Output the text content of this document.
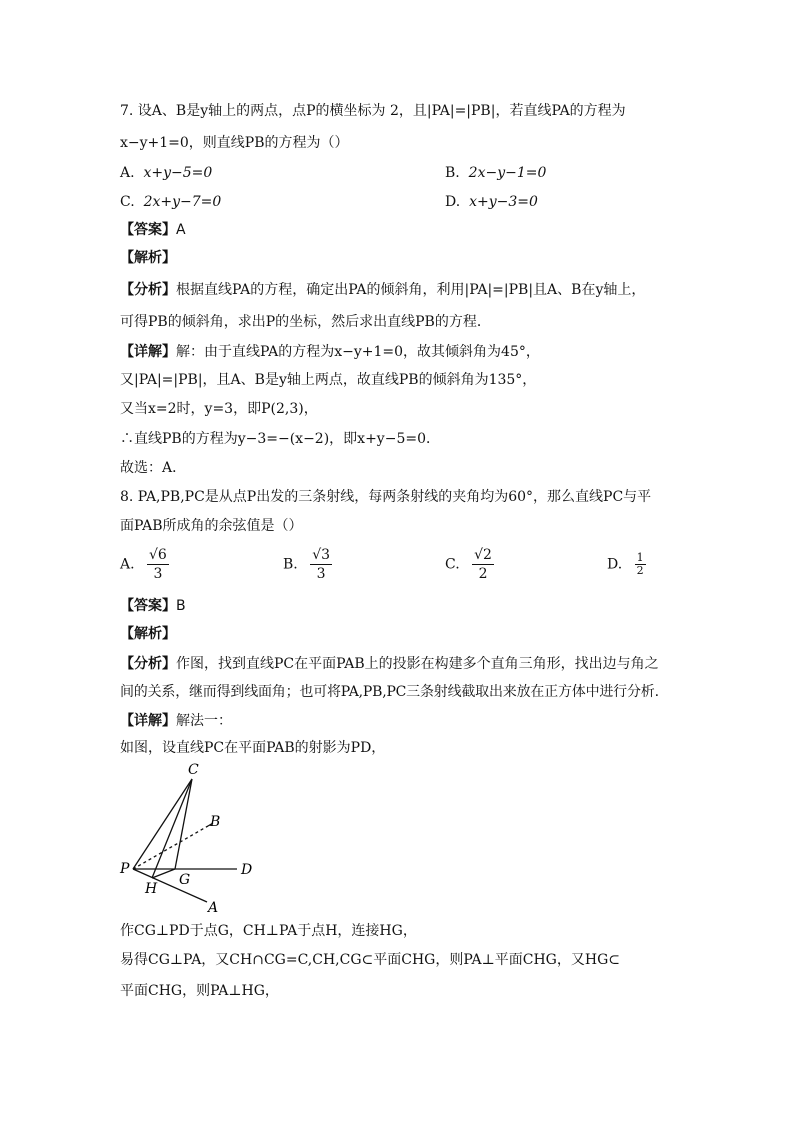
7. 设A、B是y轴上的两点，点P的横坐标为 2，且|PA|=|PB|，若直线PA的方程为
x−y+1=0，则直线PB的方程为（）
A. x+y−5=0	B. 2x−y−1=0
C. 2x+y−7=0	D. x+y−3=0
【答案】A
【解析】
【分析】根据直线PA的方程，确定出PA的倾斜角，利用|PA|=|PB|且A、B在y轴上，
可得PB的倾斜角，求出P的坐标，然后求出直线PB的方程．
【详解】解：由于直线PA的方程为x−y+1=0，故其倾斜角为45°，
又|PA|=|PB|，且A、B是y轴上两点，故直线PB的倾斜角为135°，
又当x=2时，y=3，即P(2,3)，
∴直线PB的方程为y−3=−(x−2)，即x+y−5=0．
故选：A．
8. PA,PB,PC是从点P出发的三条射线，每两条射线的夹角均为60°，那么直线PC与平
面PAB所成角的余弦值是（）
A. $\frac{√6}{3}$	B. $\frac{√3}{3}$	C. $\frac{√2}{2}$	D. $\frac{1}{2}$
【答案】B
【解析】
【分析】作图，找到直线PC在平面PAB上的投影在构建多个直角三角形，找出边与角之
间的关系，继而得到线面角；也可将PA,PB,PC三条射线截取出来放在正方体中进行分析.
【详解】解法一：
如图，设直线PC在平面PAB的射影为PD，
C
B
P	D
H
G
A
作CG⊥PD于点G，CH⊥PA于点H，连接HG，
易得CG⊥PA，又CH∩CG=C,CH,CG⊂平面CHG，则PA⊥平面CHG，又HG⊂
平面CHG，则PA⊥HG，
